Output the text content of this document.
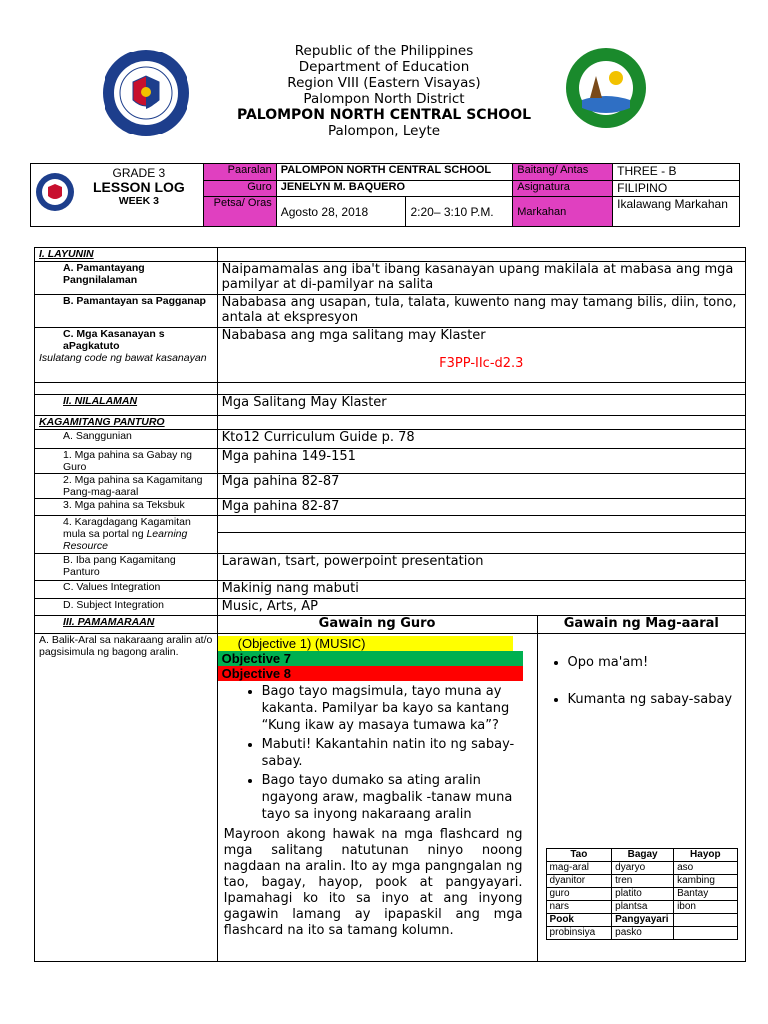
Republic of the Philippines
Department of Education
Region VIII (Eastern Visayas)
Palompon North District
PALOMPON NORTH CENTRAL SCHOOL
Palompon, Leyte
GRADE 3
LESSON LOG
WEEK 3	Paaralan	PALOMPON NORTH CENTRAL SCHOOL		Baitang/ Antas	THREE - B
	Guro	JENELYN M. BAQUERO		Asignatura	FILIPINO
	Petsa/ Oras	Agosto 28, 2018	2:20– 3:10 P.M.	Markahan	Ikalawang Markahan
I. LAYUNIN	
A. Pamantayang Pangnilalaman	Naipamamalas ang iba't ibang kasanayan upang makilala at mabasa ang mga pamilyar at di-pamilyar na salita
B. Pamantayan sa Pagganap	Nababasa ang usapan, tula, talata, kuwento nang may tamang bilis, diin, tono, antala at ekspresyon

C. Mga Kasanayan s aPagkatuto
Isulatang code ng bawat kasanayan

Nababasa ang mga salitang may Klaster
F3PP-IIc-d2.3

II. NILALAMAN	Mga Salitang May Klaster
KAGAMITANG PANTURO	
A. Sanggunian	Kto12 Curriculum Guide p. 78
1. Mga pahina sa Gabay ng Guro	Mga pahina 149-151
2. Mga pahina sa Kagamitang Pang-mag-aaral	Mga pahina 82-87
3. Mga pahina sa Teksbuk	Mga pahina 82-87
4. Karagdagang Kagamitan mula sa portal ng Learning Resource	

B. Iba pang Kagamitang Panturo	Larawan, tsart, powerpoint presentation
C. Values Integration	Makinig nang mabuti
D. Subject Integration	Music, Arts, AP
III. PAMAMARAAN	Gawain ng Guro	Gawain ng Mag-aaral
A. Balik-Aral sa nakaraang aralin at/o pagsisimula ng bagong aralin.	
(Objective 1) (MUSIC)
Objective 7
Objective 8
• Bago tayo magsimula, tayo muna ay kakanta. Pamilyar ba kayo sa kantang “Kung ikaw ay masaya tumawa ka”?
• Mabuti! Kakantahin natin ito ng sabay-sabay.
• Bago tayo dumako sa ating aralin ngayong araw, magbalik -tanaw muna tayo sa inyong nakaraang aralin
Mayroon akong hawak na mga flashcard ng mga salitang natutunan ninyo noong nagdaan na aralin. Ito ay mga pangngalan ng tao, bagay, hayop, pook at pangyayari. Ipamahagi ko ito sa inyo at ang inyong gagawin lamang ay ipapaskil ang mga flashcard na ito sa tamang kolumn.

• Opo ma'am!
• Kumanta ng sabay-sabay
Tao	Bagay	Hayop
mag-aral	dyaryo	aso
dyanitor	tren	kambing
guro	platito	Bantay
nars	plantsa	ibon
Pook	Pangyayari	
probinsiya	pasko	
